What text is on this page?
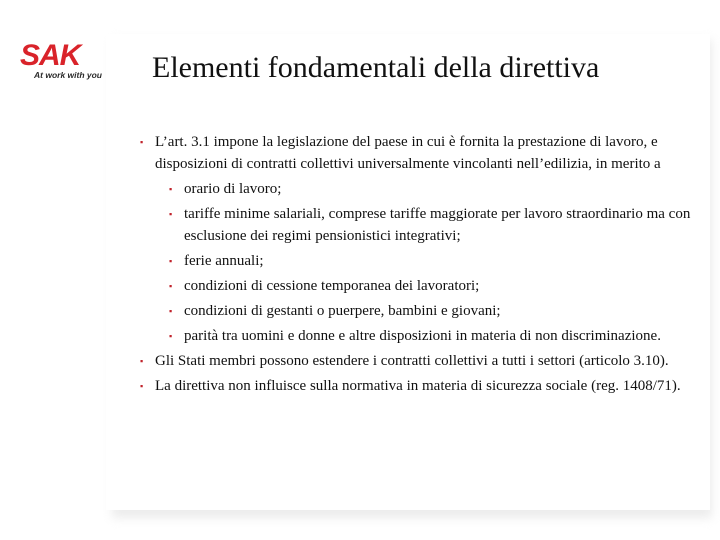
SAK
At work with you Elementi fondamentali della direttiva
▪ L’art. 3.1 impone la legislazione del paese in cui è fornita la prestazione di lavoro, e disposizioni di contratti collettivi universalmente vincolanti nell’edilizia, in merito a
▪ orario di lavoro;
▪ tariffe minime salariali, comprese tariffe maggiorate per lavoro straordinario ma con esclusione dei regimi pensionistici integrativi;
▪ ferie annuali;
▪ condizioni di cessione temporanea dei lavoratori;
▪ condizioni di gestanti o puerpere, bambini e giovani;
▪ parità tra uomini e donne e altre disposizioni in materia di non discriminazione.
▪ Gli Stati membri possono estendere i contratti collettivi a tutti i settori (articolo 3.10).
▪ La direttiva non influisce sulla normativa in materia di sicurezza sociale (reg. 1408/71).
